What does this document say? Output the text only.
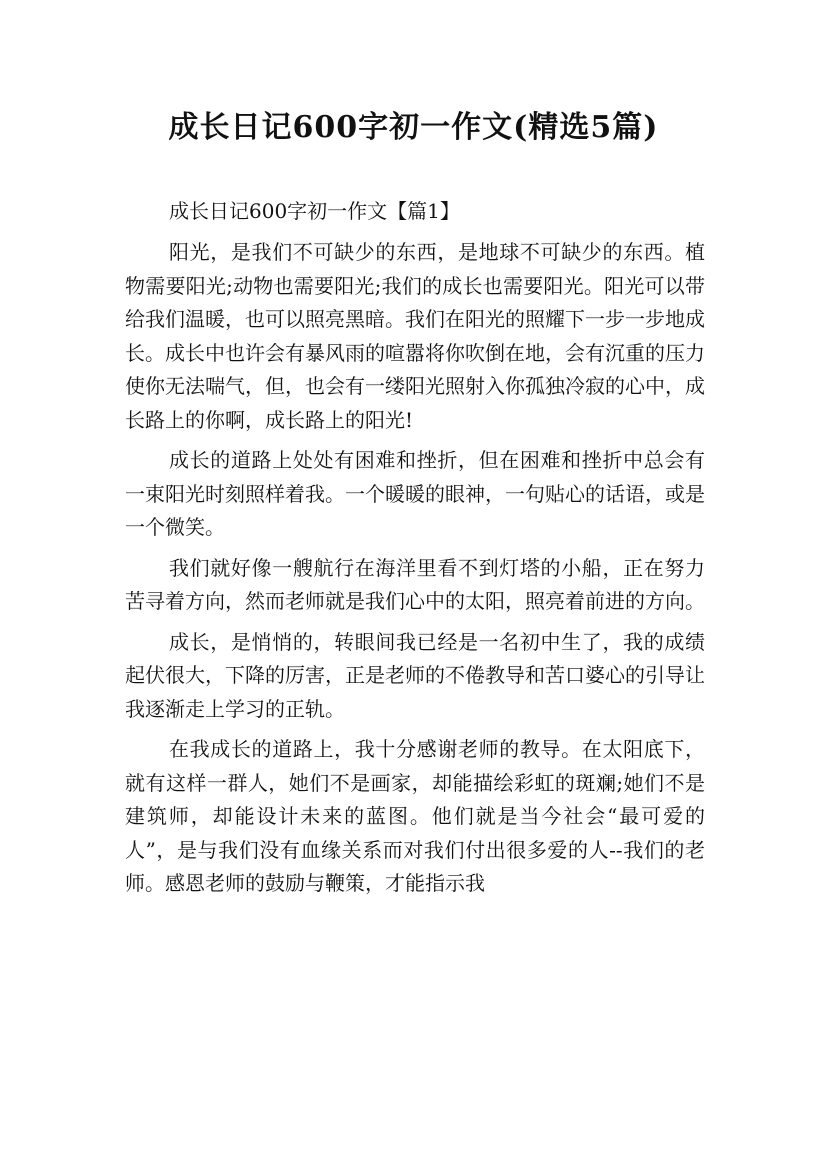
成长日记600字初一作文(精选5篇)

成长日记600字初一作文【篇1】

阳光，是我们不可缺少的东西，是地球不可缺少的东西。植物需要阳光;动物也需要阳光;我们的成长也需要阳光。阳光可以带给我们温暖，也可以照亮黑暗。我们在阳光的照耀下一步一步地成长。成长中也许会有暴风雨的喧嚣将你吹倒在地，会有沉重的压力使你无法喘气，但，也会有一缕阳光照射入你孤独冷寂的心中，成长路上的你啊，成长路上的阳光!

成长的道路上处处有困难和挫折，但在困难和挫折中总会有一束阳光时刻照样着我。一个暖暖的眼神，一句贴心的话语，或是一个微笑。

我们就好像一艘航行在海洋里看不到灯塔的小船，正在努力苦寻着方向，然而老师就是我们心中的太阳，照亮着前进的方向。

成长，是悄悄的，转眼间我已经是一名初中生了，我的成绩起伏很大，下降的厉害，正是老师的不倦教导和苦口婆心的引导让我逐渐走上学习的正轨。

在我成长的道路上，我十分感谢老师的教导。在太阳底下，就有这样一群人，她们不是画家，却能描绘彩虹的斑斓;她们不是建筑师，却能设计未来的蓝图。他们就是当今社会“最可爱的人”，是与我们没有血缘关系而对我们付出很多爱的人--我们的老师。感恩老师的鼓励与鞭策，才能指示我
